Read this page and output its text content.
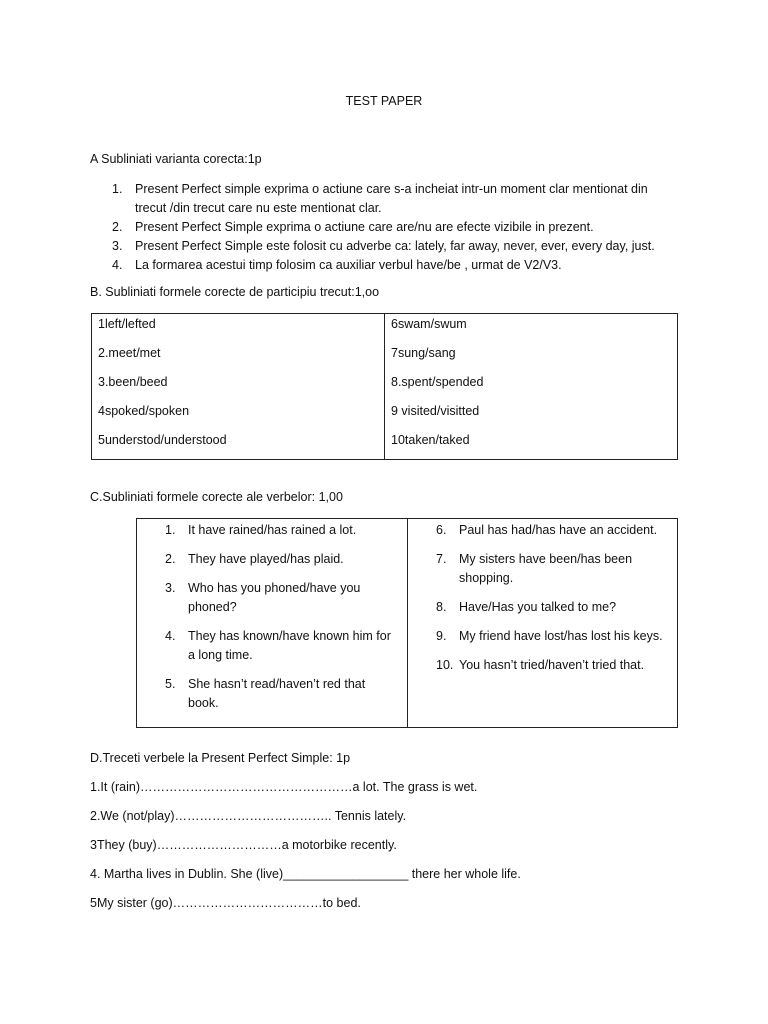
TEST PAPER
A Subliniati varianta corecta:1p
1. Present Perfect simple exprima o actiune care s-a incheiat intr-un moment clar mentionat din
trecut /din trecut care nu este mentionat clar.
2. Present Perfect Simple exprima o actiune care are/nu are efecte vizibile in prezent.
3. Present Perfect Simple este folosit cu adverbe ca: lately, far away, never, ever, every day, just.
4. La formarea acestui timp folosim ca auxiliar verbul have/be , urmat de V2/V3.
B. Subliniati formele corecte de participiu trecut:1,oo
1left/lefted
2.meet/met
3.been/beed
4spoked/spoken
5understod/understood

6swam/swum
7sung/sang
8.spent/spended
9 visited/visitted
10taken/taked
C.Subliniati formele corecte ale verbelor: 1,00
1. It have rained/has rained a lot.
2. They have played/has plaid.
3. Who has you phoned/have you phoned?
4. They has known/have known him for a long time.
5. She hasn’t read/haven’t red that book.

6. Paul has had/has have an accident.
7. My sisters have been/has been shopping.
8. Have/Has you talked to me?
9. My friend have lost/has lost his keys.
10. You hasn’t tried/haven’t tried that.
D.Treceti verbele la Present Perfect Simple: 1p
1.It (rain)……………………………………………a lot. The grass is wet.
2.We (not/play)……………………………….. Tennis lately.
3They (buy)…………………………a motorbike recently.
4. Martha lives in Dublin. She (live)__________________ there her whole life.
5My sister (go)………………………………to bed.
